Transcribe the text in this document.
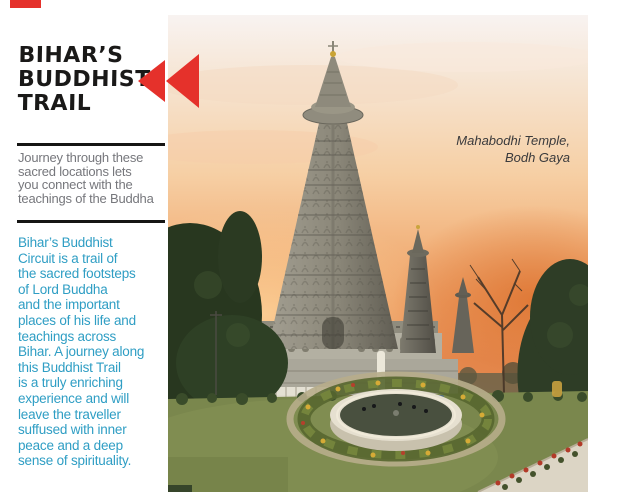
BIHAR’S
BUDDHIST
TRAIL
Journey through these
sacred locations lets
you connect with the
teachings of the Buddha
Bihar’s Buddhist
Circuit is a trail of
the sacred footsteps
of Lord Buddha
and the important
places of his life and
teachings across
Bihar. A journey along
this Buddhist Trail
is a truly enriching
experience and will
leave the traveller
suffused with inner
peace and a deep
sense of spirituality.
Mahabodhi Temple,
Bodh Gaya
